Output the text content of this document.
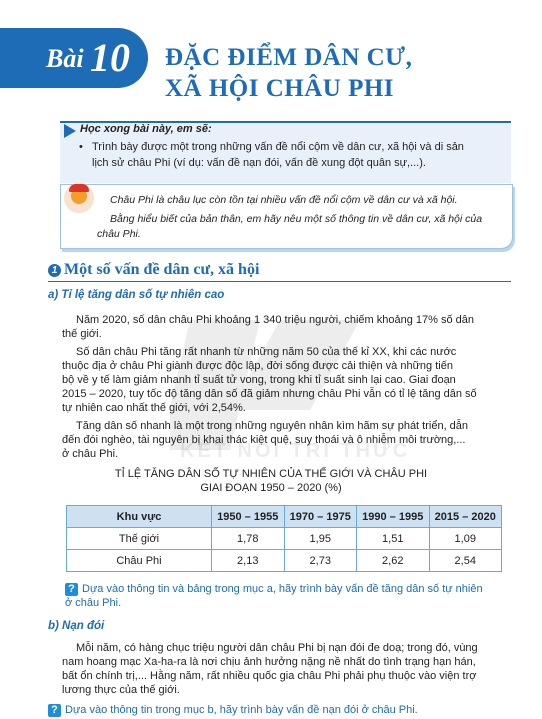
Bài 10 ĐẶC ĐIỂM DÂN CƯ,
XÃ HỘI CHÂU PHI
Học xong bài này, em sẽ:
• Trình bày được một trong những vấn đề nổi cộm về dân cư, xã hội và di sản
lịch sử châu Phi (ví dụ: vấn đề nạn đói, vấn đề xung đột quân sự,...).
Châu Phi là châu lục còn tồn tại nhiều vấn đề nổi cộm về dân cư và xã hội.
Bằng hiểu biết của bản thân, em hãy nêu một số thông tin về dân cư, xã hội của
châu Phi.
KẾT NỐI TRI THỨC
1 Một số vấn đề dân cư, xã hội
a) Tỉ lệ tăng dân số tự nhiên cao
Năm 2020, số dân châu Phi khoảng 1 340 triệu người, chiếm khoảng 17% số dân
thế giới.
Số dân châu Phi tăng rất nhanh từ những năm 50 của thế kỉ XX, khi các nước
thuộc địa ở châu Phi giành được độc lập, đời sống được cải thiện và những tiến
bộ về y tế làm giảm nhanh tỉ suất tử vong, trong khi tỉ suất sinh lại cao. Giai đoạn
2015 – 2020, tuy tốc độ tăng dân số đã giảm nhưng châu Phi vẫn có tỉ lệ tăng dân số
tự nhiên cao nhất thế giới, với 2,54%.
Tăng dân số nhanh là một trong những nguyên nhân kìm hãm sự phát triển, dẫn
đến đói nghèo, tài nguyên bị khai thác kiệt quệ, suy thoái và ô nhiễm môi trường,...
ở châu Phi.
TỈ LỆ TĂNG DÂN SỐ TỰ NHIÊN CỦA THẾ GIỚI VÀ CHÂU PHI
GIAI ĐOẠN 1950 – 2020 (%)
Khu vực	1950 – 1955	1970 – 1975	1990 – 1995	2015 – 2020
Thế giới	1,78	1,95	1,51	1,09
Châu Phi	2,13	2,73	2,62	2,54
? Dựa vào thông tin và bảng trong mục a, hãy trình bày vấn đề tăng dân số tự nhiên
ở châu Phi.
b) Nạn đói
Mỗi năm, có hàng chục triệu người dân châu Phi bị nạn đói đe doạ; trong đó, vùng
nam hoang mạc Xa-ha-ra là nơi chịu ảnh hưởng nặng nề nhất do tình trạng hạn hán,
bất ổn chính trị,... Hằng năm, rất nhiều quốc gia châu Phi phải phụ thuộc vào viện trợ
lương thực của thế giới.
? Dựa vào thông tin trong mục b, hãy trình bày vấn đề nạn đói ở châu Phi.
